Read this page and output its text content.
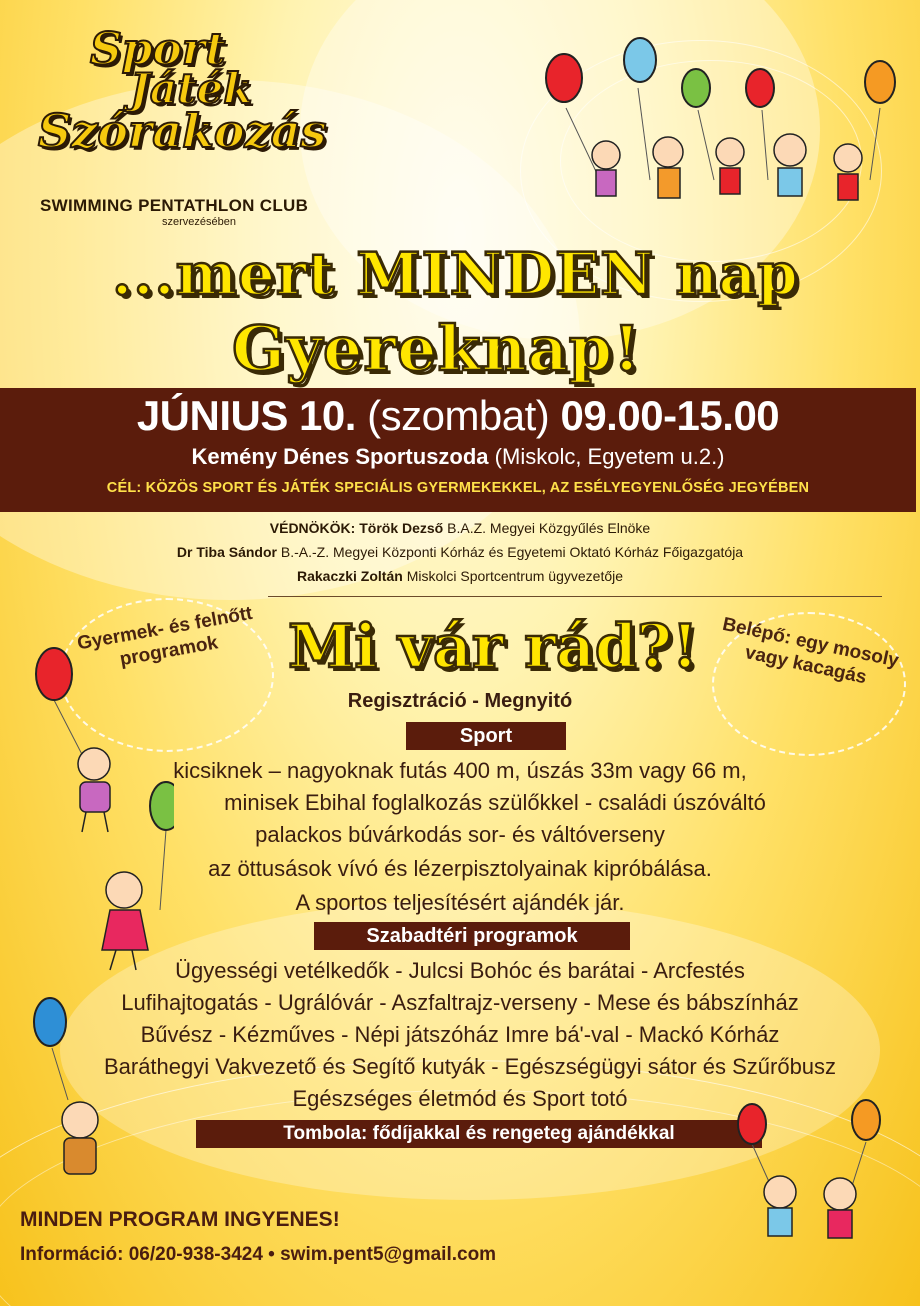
Sport
Játék
Szórakozás
SWIMMING PENTATHLON CLUB
szervezésében
...mert MINDEN nap
Gyereknap!
JÚNIUS 10. (szombat) 09.00-15.00
Kemény Dénes Sportuszoda (Miskolc, Egyetem u.2.)
CÉL: KÖZÖS SPORT ÉS JÁTÉK SPECIÁLIS GYERMEKEKKEL, AZ ESÉLYEGYENLŐSÉG JEGYÉBEN
VÉDNÖKÖK: Török Dezső B.A.Z. Megyei Közgyűlés Elnöke
Dr Tiba Sándor B.-A.-Z. Megyei Központi Kórház és Egyetemi Oktató Kórház Főigazgatója
Rakaczki Zoltán Miskolci Sportcentrum ügyvezetője
Gyermek- és felnőtt programok	Belépő: egy mosoly vagy kacagás
Mi vár rád?!
Regisztráció - Megnyitó
Sport
kicsiknek – nagyoknak futás 400 m, úszás 33m vagy 66 m,
minisek Ebihal foglalkozás szülőkkel - családi úszóváltó
palackos búvárkodás sor- és váltóverseny
az öttusások vívó és lézerpisztolyainak kipróbálása.
A sportos teljesítésért ajándék jár.
Szabadtéri programok
Ügyességi vetélkedők - Julcsi Bohóc és barátai - Arcfestés
Lufihajtogatás - Ugrálóvár - Aszfaltrajz-verseny - Mese és bábszínház
Bűvész - Kézműves - Népi játszóház Imre bá'-val - Mackó Kórház
Baráthegyi Vakvezető és Segítő kutyák - Egészségügyi sátor és Szűrőbusz
Egészséges életmód és Sport totó
Tombola: fődíjakkal és rengeteg ajándékkal
MINDEN PROGRAM INGYENES!
Információ: 06/20-938-3424 • swim.pent5@gmail.com
